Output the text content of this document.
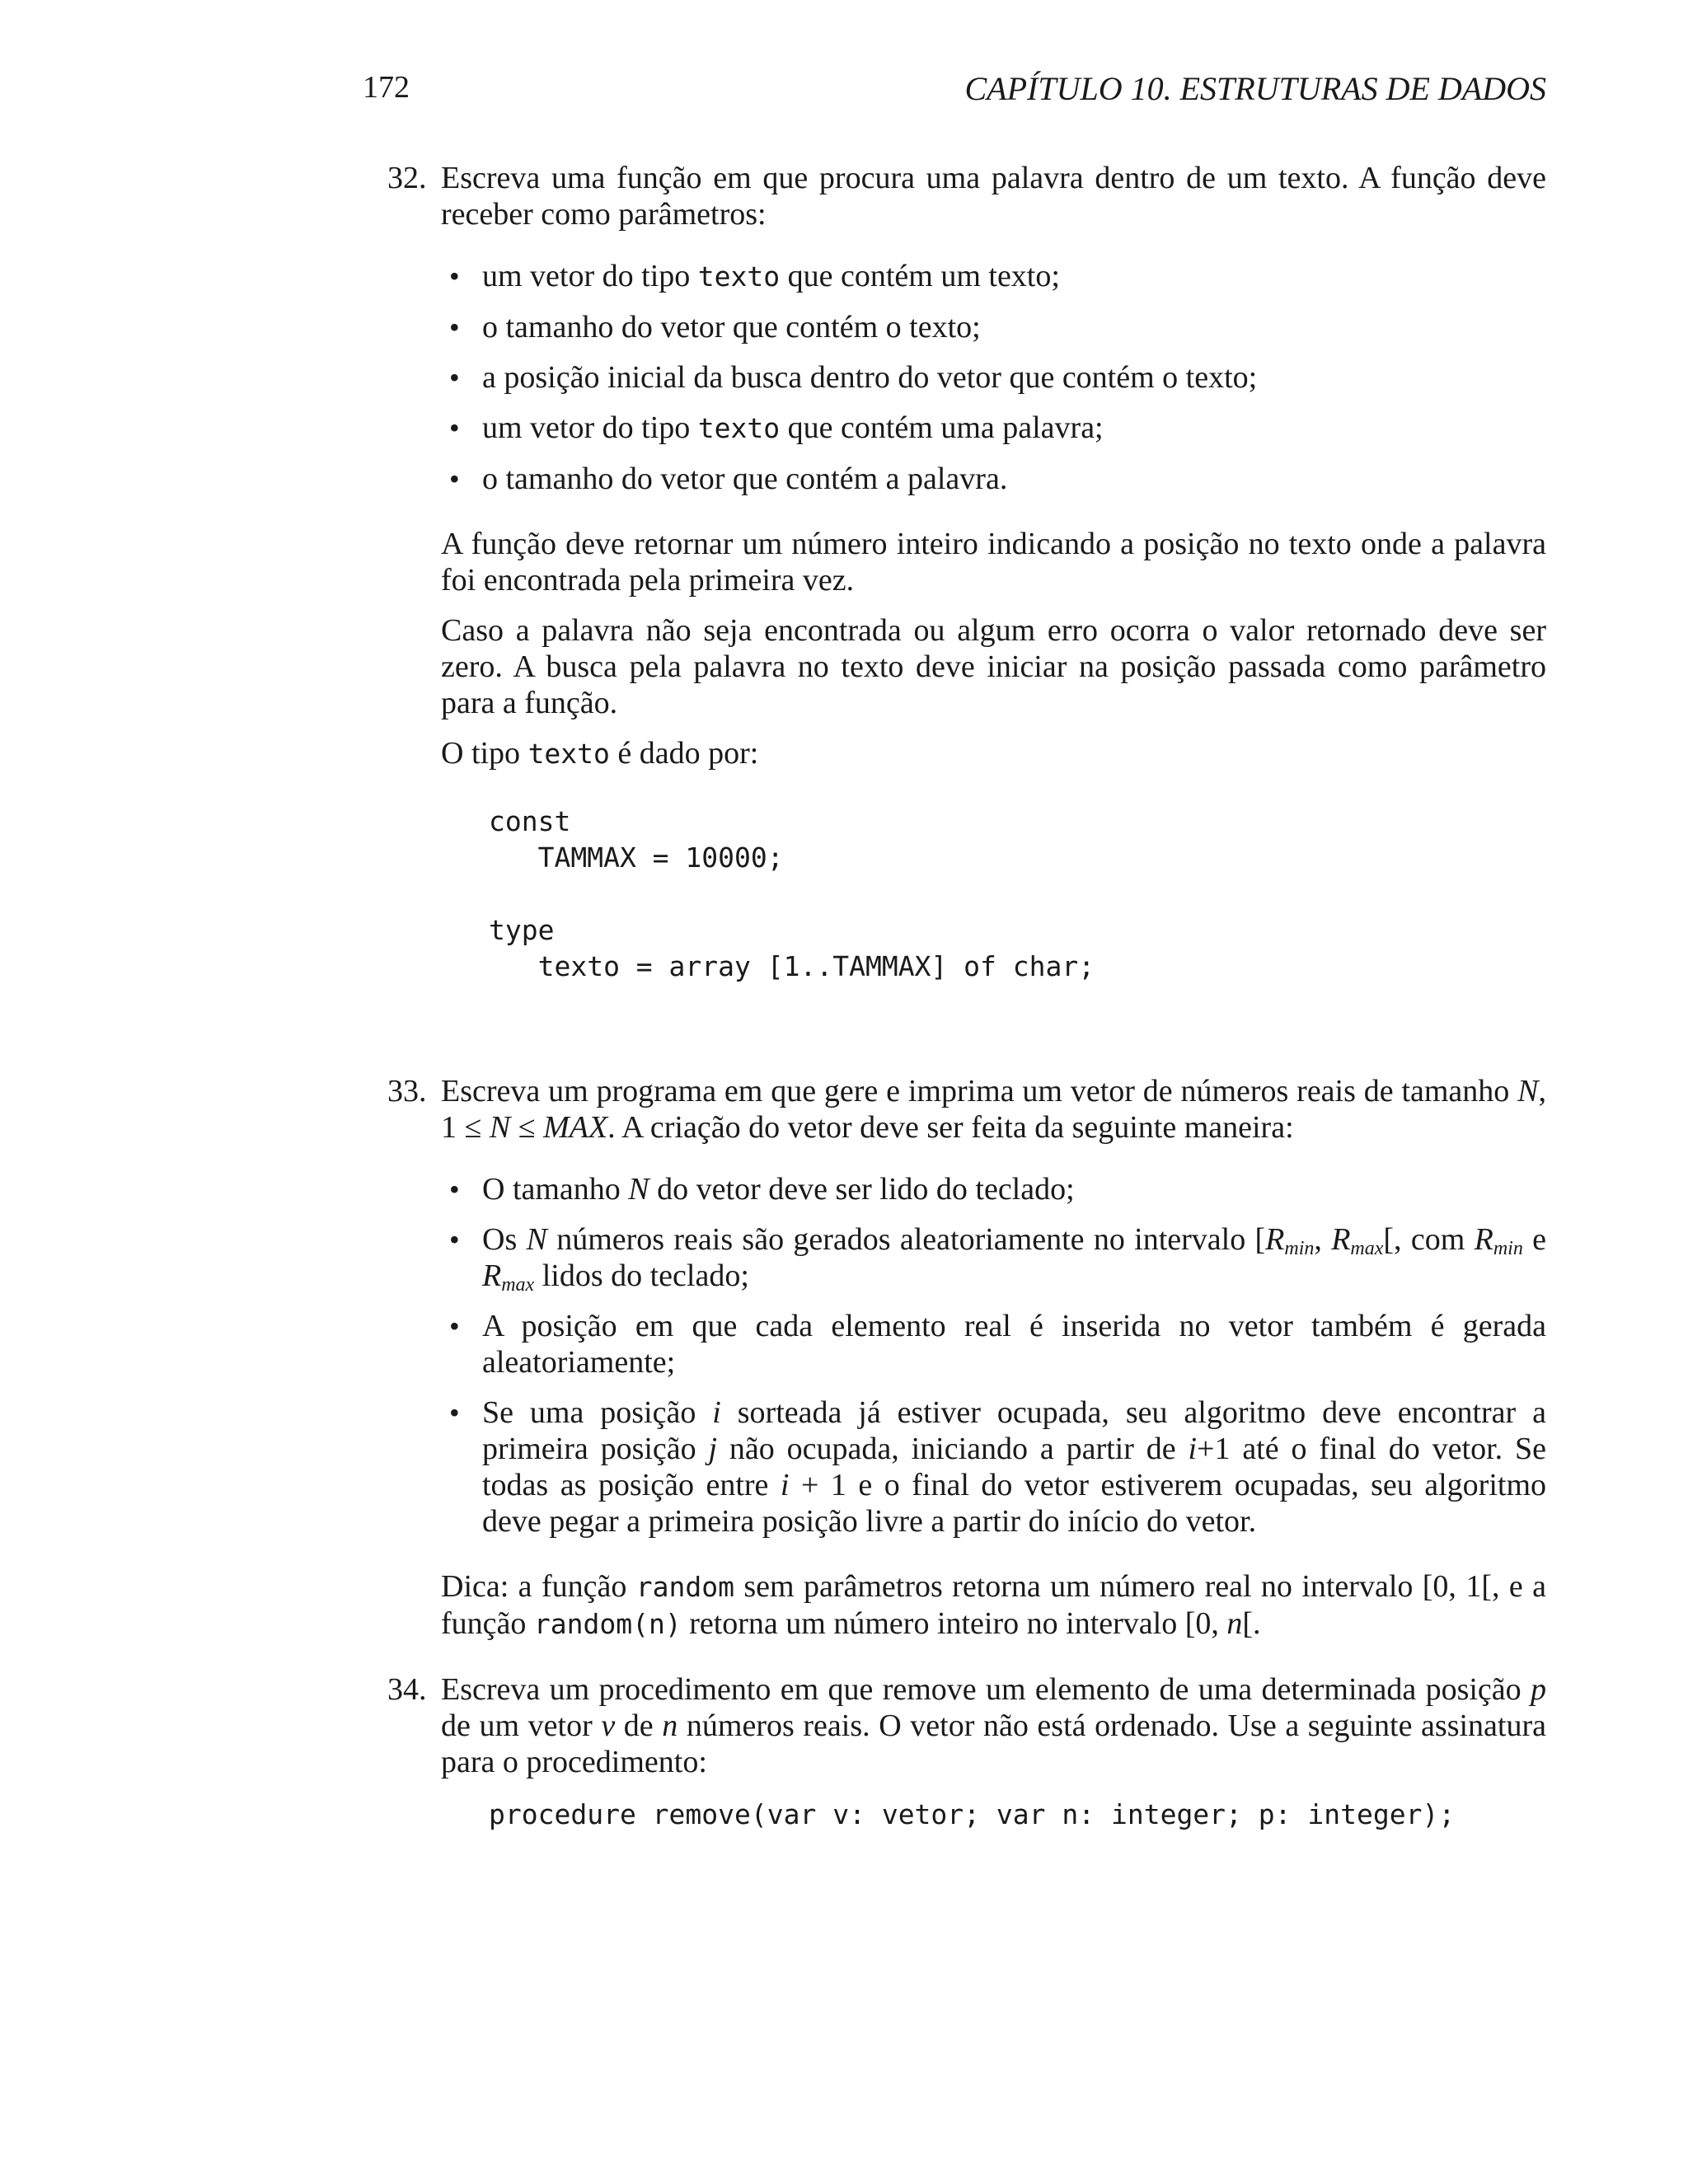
172	CAPÍTULO 10. ESTRUTURAS DE DADOS
32. Escreva uma função em que procura uma palavra dentro de um texto. A função deve receber como parâmetros:

• um vetor do tipo texto que contém um texto;
• o tamanho do vetor que contém o texto;
• a posição inicial da busca dentro do vetor que contém o texto;
• um vetor do tipo texto que contém uma palavra;
• o tamanho do vetor que contém a palavra.

A função deve retornar um número inteiro indicando a posição no texto onde a palavra foi encontrada pela primeira vez.

Caso a palavra não seja encontrada ou algum erro ocorra o valor retornado deve ser zero. A busca pela palavra no texto deve iniciar na posição passada como parâmetro para a função.

O tipo texto é dado por:

const
TAMMAX = 10000;

type
texto = array [1..TAMMAX] of char;
33. Escreva um programa em que gere e imprima um vetor de números reais de tamanho N, 1 ≤ N ≤ MAX. A criação do vetor deve ser feita da seguinte maneira:

• O tamanho N do vetor deve ser lido do teclado;
• Os N números reais são gerados aleatoriamente no intervalo [$R_{min}$, $R_{max}$[, com $R_{min}$ e $R_{max}$ lidos do teclado;
• A posição em que cada elemento real é inserida no vetor também é gerada aleatoriamente;
• Se uma posição i sorteada já estiver ocupada, seu algoritmo deve encontrar a primeira posição j não ocupada, iniciando a partir de i+1 até o final do vetor. Se todas as posição entre i + 1 e o final do vetor estiverem ocupadas, seu algoritmo deve pegar a primeira posição livre a partir do início do vetor.

Dica: a função random sem parâmetros retorna um número real no intervalo [0, 1[, e a função random(n) retorna um número inteiro no intervalo [0, n[.

34. Escreva um procedimento em que remove um elemento de uma determinada posição p de um vetor v de n números reais. O vetor não está ordenado. Use a seguinte assinatura para o procedimento:

procedure remove(var v: vetor; var n: integer; p: integer);
